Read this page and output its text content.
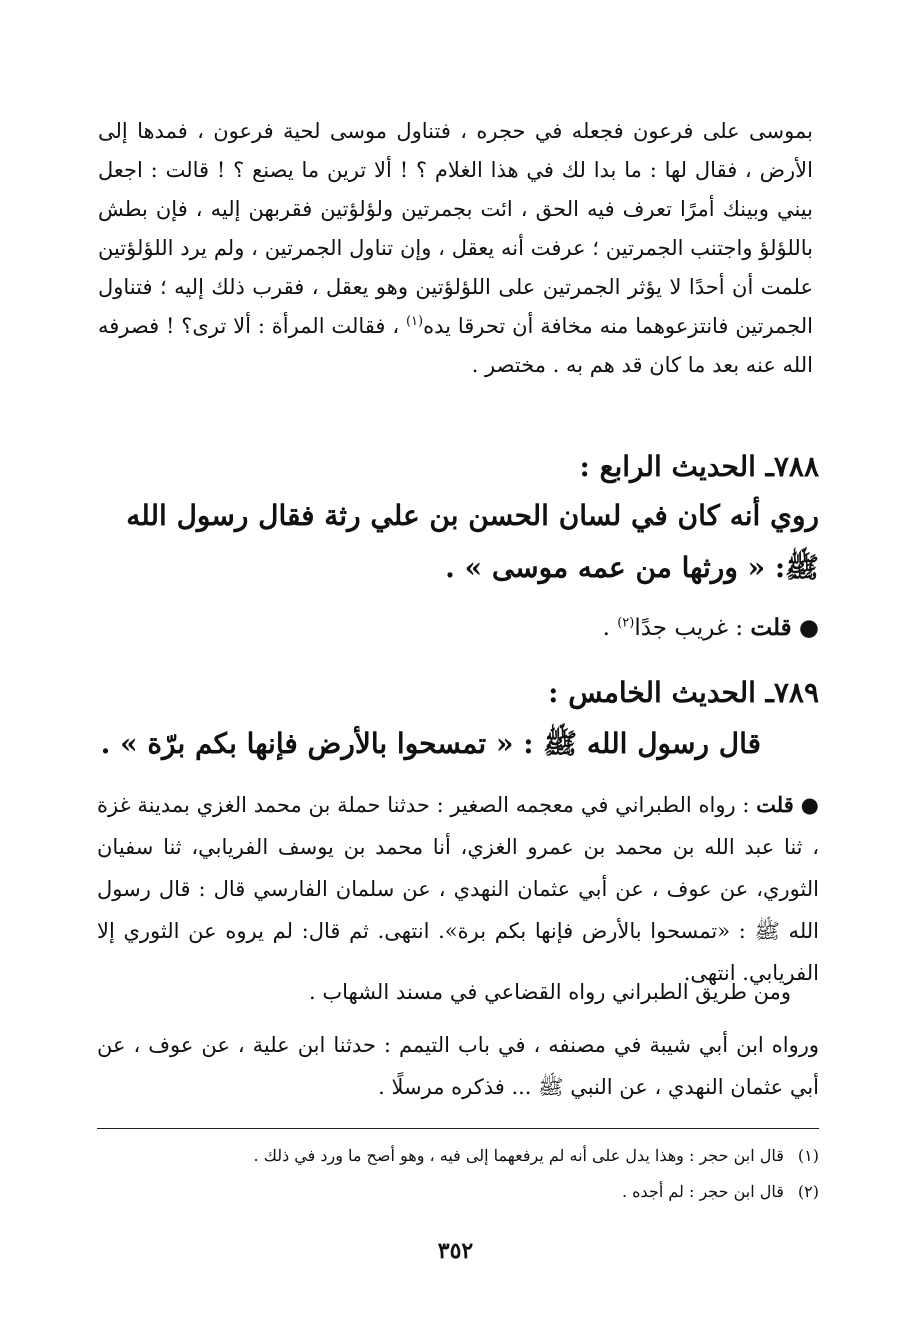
بموسى على فرعون فجعله في حجره ، فتناول موسى لحية فرعون ، فمدها إلى الأرض ، فقال لها : ما بدا لك في هذا الغلام ؟ ! ألا ترين ما يصنع ؟ ! قالت : اجعل بيني وبينك أمرًا تعرف فيه الحق ، ائت بجمرتين ولؤلؤتين فقربهن إليه ، فإن بطش باللؤلؤ واجتنب الجمرتين ؛ عرفت أنه يعقل ، وإن تناول الجمرتين ، ولم يرد اللؤلؤتين علمت أن أحدًا لا يؤثر الجمرتين على اللؤلؤتين وهو يعقل ، فقرب ذلك إليه ؛ فتناول الجمرتين فانتزعوهما منه مخافة أن تحرقا يده$^{(١)}$ ، فقالت المرأة : ألا ترى؟ ! فصرفه الله عنه بعد ما كان قد هم به . مختصر .
٧٨٨ـ الحديث الرابع :
روي أنه كان في لسان الحسن بن علي رثة فقال رسول الله ﷺ: « ورثها من عمه موسى » .
● قلت : غريب جدًا$^{(٢)}$ .
٧٨٩ـ الحديث الخامس :
قال رسول الله ﷺ : « تمسحوا بالأرض فإنها بكم برّة » .
● قلت : رواه الطبراني في معجمه الصغير : حدثنا حملة بن محمد الغزي بمدينة غزة ، ثنا عبد الله بن محمد بن عمرو الغزي، أنا محمد بن يوسف الفريابي، ثنا سفيان الثوري، عن عوف ، عن أبي عثمان النهدي ، عن سلمان الفارسي قال : قال رسول الله ﷺ : «تمسحوا بالأرض فإنها بكم برة». انتهى. ثم قال: لم يروه عن الثوري إلا الفريابي. انتهى.
ومن طريق الطبراني رواه القضاعي في مسند الشهاب .
ورواه ابن أبي شيبة في مصنفه ، في باب التيمم : حدثنا ابن علية ، عن عوف ، عن أبي عثمان النهدي ، عن النبي ﷺ ... فذكره مرسلًا .
(١)قال ابن حجر : وهذا يدل على أنه لم يرفعهما إلى فيه ، وهو أصح ما ورد في ذلك .
(٢)قال ابن حجر : لم أجده .
٣٥٢
